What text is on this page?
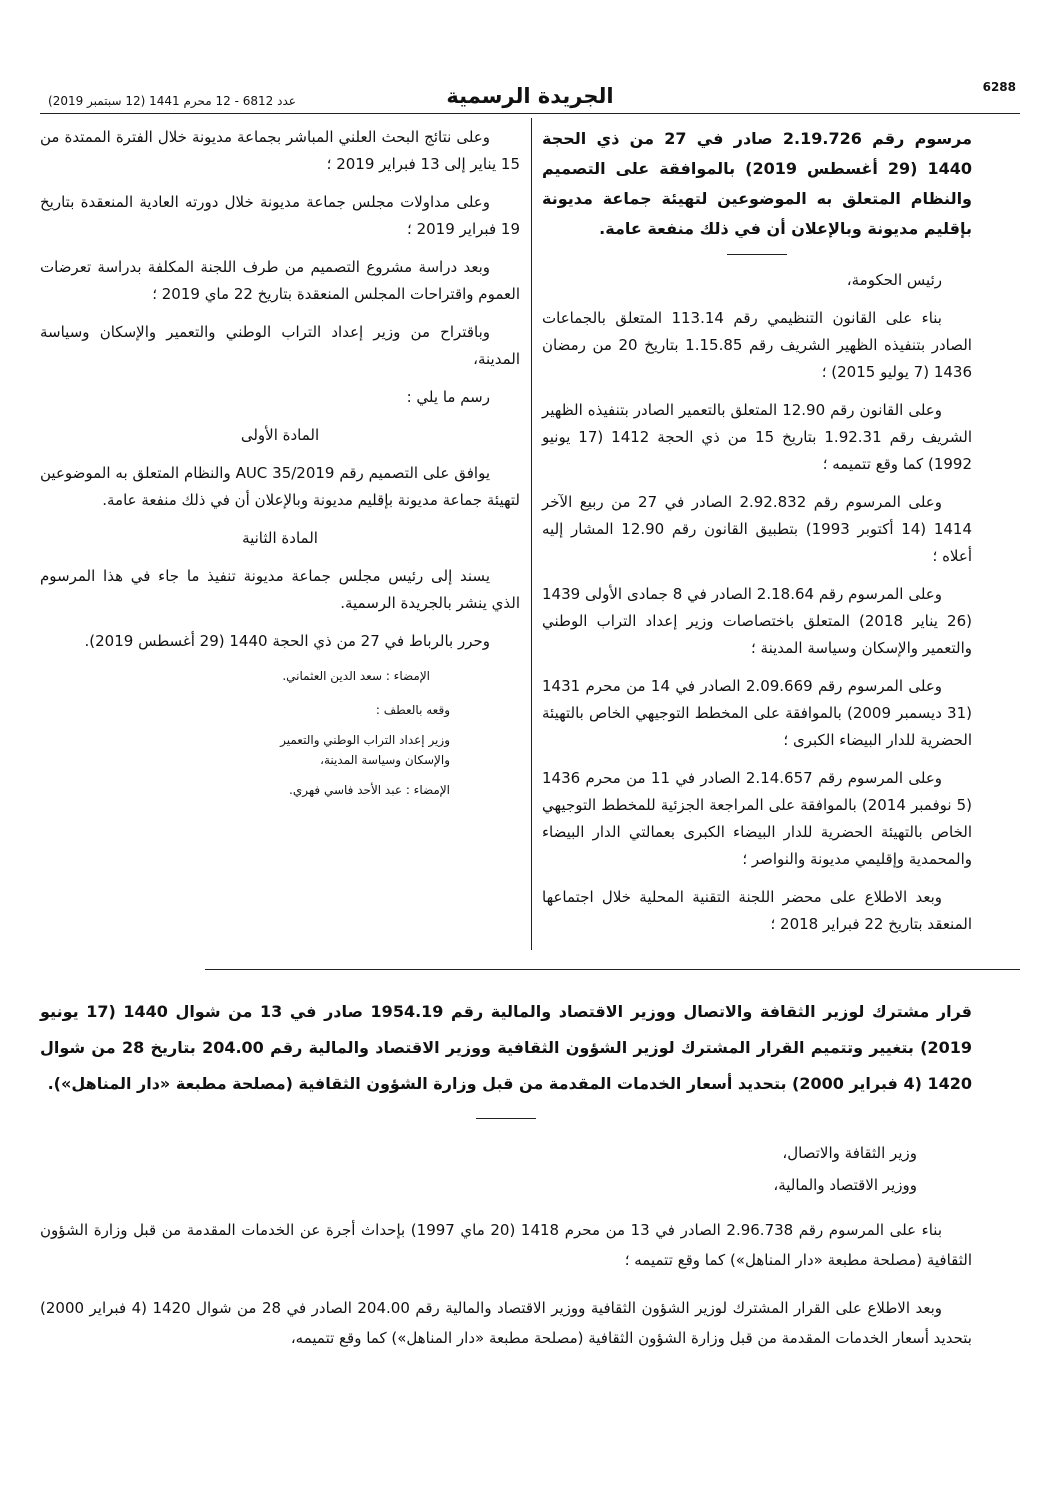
عدد 6812 - 12 محرم 1441 (12 سبتمبر 2019)	الجريدة الرسمية	6288
مرسوم رقم 2.19.726 صادر في 27 من ذي الحجة 1440 (29 أغسطس 2019) بالموافقة على التصميم والنظام المتعلق به الموضوعين لتهيئة جماعة مديونة بإقليم مديونة وبالإعلان أن في ذلك منفعة عامة.
رئيس الحكومة،
بناء على القانون التنظيمي رقم 113.14 المتعلق بالجماعات الصادر بتنفيذه الظهير الشريف رقم 1.15.85 بتاريخ 20 من رمضان 1436 (7 يوليو 2015) ؛
وعلى القانون رقم 12.90 المتعلق بالتعمير الصادر بتنفيذه الظهير الشريف رقم 1.92.31 بتاريخ 15 من ذي الحجة 1412 (17 يونيو 1992) كما وقع تتميمه ؛
وعلى المرسوم رقم 2.92.832 الصادر في 27 من ربيع الآخر 1414 (14 أكتوبر 1993) بتطبيق القانون رقم 12.90 المشار إليه أعلاه ؛
وعلى المرسوم رقم 2.18.64 الصادر في 8 جمادى الأولى 1439 (26 يناير 2018) المتعلق باختصاصات وزير إعداد التراب الوطني والتعمير والإسكان وسياسة المدينة ؛
وعلى المرسوم رقم 2.09.669 الصادر في 14 من محرم 1431 (31 ديسمبر 2009) بالموافقة على المخطط التوجيهي الخاص بالتهيئة الحضرية للدار البيضاء الكبرى ؛
وعلى المرسوم رقم 2.14.657 الصادر في 11 من محرم 1436 (5 نوفمبر 2014) بالموافقة على المراجعة الجزئية للمخطط التوجيهي الخاص بالتهيئة الحضرية للدار البيضاء الكبرى بعمالتي الدار البيضاء والمحمدية وإقليمي مديونة والنواصر ؛
وبعد الاطلاع على محضر اللجنة التقنية المحلية خلال اجتماعها المنعقد بتاريخ 22 فبراير 2018 ؛
وعلى نتائج البحث العلني المباشر بجماعة مديونة خلال الفترة الممتدة من 15 يناير إلى 13 فبراير 2019 ؛
وعلى مداولات مجلس جماعة مديونة خلال دورته العادية المنعقدة بتاريخ 19 فبراير 2019 ؛
وبعد دراسة مشروع التصميم من طرف اللجنة المكلفة بدراسة تعرضات العموم واقتراحات المجلس المنعقدة بتاريخ 22 ماي 2019 ؛
وباقتراح من وزير إعداد التراب الوطني والتعمير والإسكان وسياسة المدينة،
رسم ما يلي :
المادة الأولى
يوافق على التصميم رقم AUC 35/2019 والنظام المتعلق به الموضوعين لتهيئة جماعة مديونة بإقليم مديونة وبالإعلان أن في ذلك منفعة عامة.
المادة الثانية
يسند إلى رئيس مجلس جماعة مديونة تنفيذ ما جاء في هذا المرسوم الذي ينشر بالجريدة الرسمية.
وحرر بالرباط في 27 من ذي الحجة 1440 (29 أغسطس 2019).
الإمضاء : سعد الدين العثماني.
وقعه بالعطف :
وزير إعداد التراب الوطني والتعمير
والإسكان وسياسة المدينة،
الإمضاء : عبد الأحد فاسي فهري.
قرار مشترك لوزير الثقافة والاتصال ووزير الاقتصاد والمالية رقم 1954.19 صادر في 13 من شوال 1440 (17 يونيو 2019) بتغيير وتتميم القرار المشترك لوزير الشؤون الثقافية ووزير الاقتصاد والمالية رقم 204.00 بتاريخ 28 من شوال 1420 (4 فبراير 2000) بتحديد أسعار الخدمات المقدمة من قبل وزارة الشؤون الثقافية (مصلحة مطبعة «دار المناهل»).
وزير الثقافة والاتصال،
ووزير الاقتصاد والمالية،
بناء على المرسوم رقم 2.96.738 الصادر في 13 من محرم 1418 (20 ماي 1997) بإحداث أجرة عن الخدمات المقدمة من قبل وزارة الشؤون الثقافية (مصلحة مطبعة «دار المناهل») كما وقع تتميمه ؛
وبعد الاطلاع على القرار المشترك لوزير الشؤون الثقافية ووزير الاقتصاد والمالية رقم 204.00 الصادر في 28 من شوال 1420 (4 فبراير 2000) بتحديد أسعار الخدمات المقدمة من قبل وزارة الشؤون الثقافية (مصلحة مطبعة «دار المناهل») كما وقع تتميمه،
